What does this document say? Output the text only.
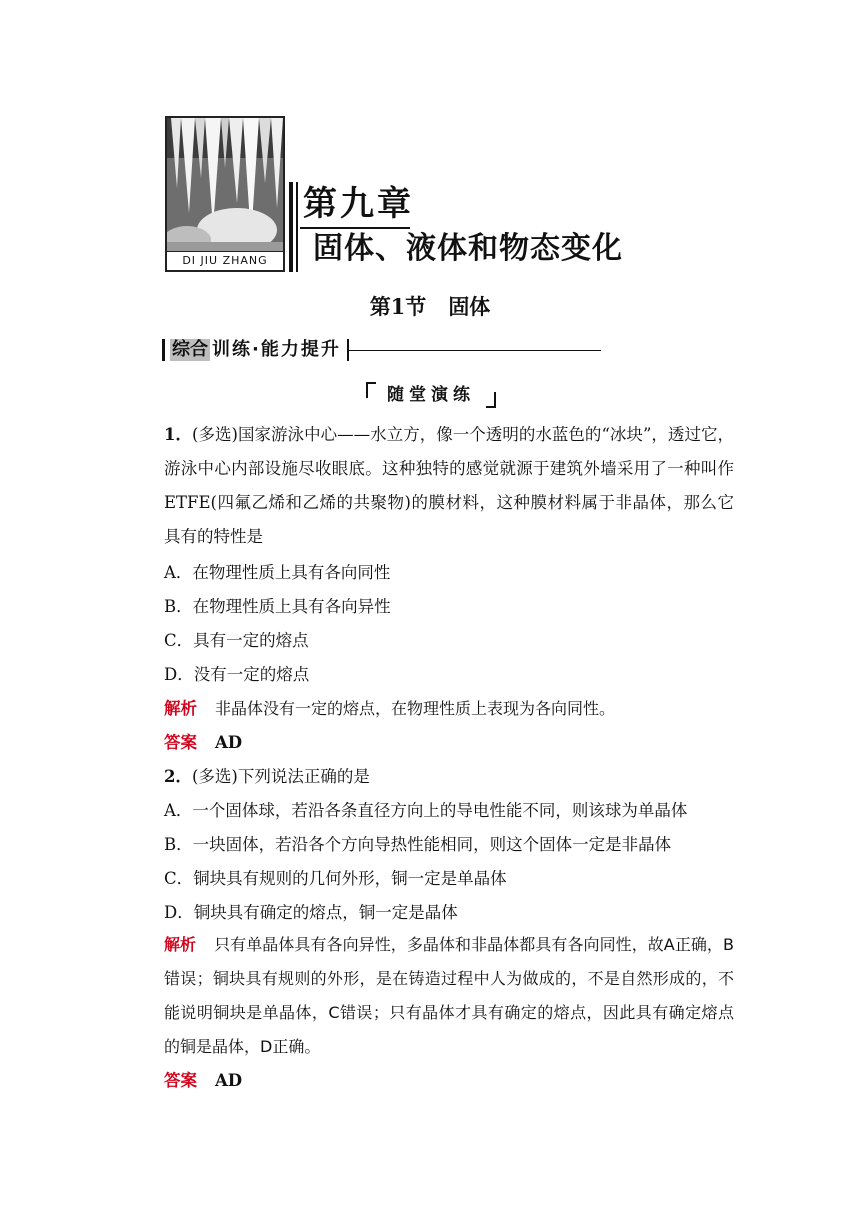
DI JIU ZHANG
第九章
固体、液体和物态变化
第1节 固体
综合 训练·能力提升
随堂演练
1．(多选)国家游泳中心——水立方，像一个透明的水蓝色的“冰块”，透过它，游泳中心内部设施尽收眼底。这种独特的感觉就源于建筑外墙采用了一种叫作ETFE(四氟乙烯和乙烯的共聚物)的膜材料，这种膜材料属于非晶体，那么它具有的特性是
A．在物理性质上具有各向同性
B．在物理性质上具有各向异性
C．具有一定的熔点
D．没有一定的熔点
解析 非晶体没有一定的熔点，在物理性质上表现为各向同性。
答案 AD
2．(多选)下列说法正确的是
A．一个固体球，若沿各条直径方向上的导电性能不同，则该球为单晶体
B．一块固体，若沿各个方向导热性能相同，则这个固体一定是非晶体
C．铜块具有规则的几何外形，铜一定是单晶体
D．铜块具有确定的熔点，铜一定是晶体
解析 只有单晶体具有各向异性，多晶体和非晶体都具有各向同性，故A正确，B错误；铜块具有规则的外形，是在铸造过程中人为做成的，不是自然形成的，不能说明铜块是单晶体，C错误；只有晶体才具有确定的熔点，因此具有确定熔点的铜是晶体，D正确。
答案 AD
